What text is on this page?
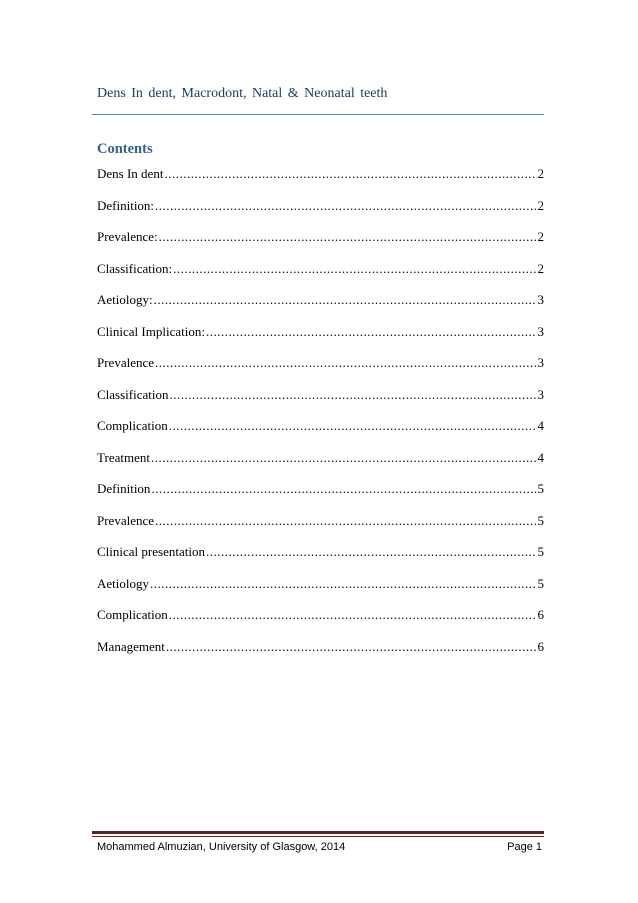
Dens In dent, Macrodont, Natal & Neonatal teeth
Contents
Dens In dent .....	2
Definition: .....	2
Prevalence: .....	2
Classification: .....	2
Aetiology: .....	3
Clinical Implication: .....	3
Prevalence .....	3
Classification .....	3
Complication .....	4
Treatment .....	4
Definition .....	5
Prevalence .....	5
Clinical presentation .....	5
Aetiology .....	5
Complication .....	6
Management .....	6
Mohammed Almuzian, University of Glasgow, 2014	Page 1
